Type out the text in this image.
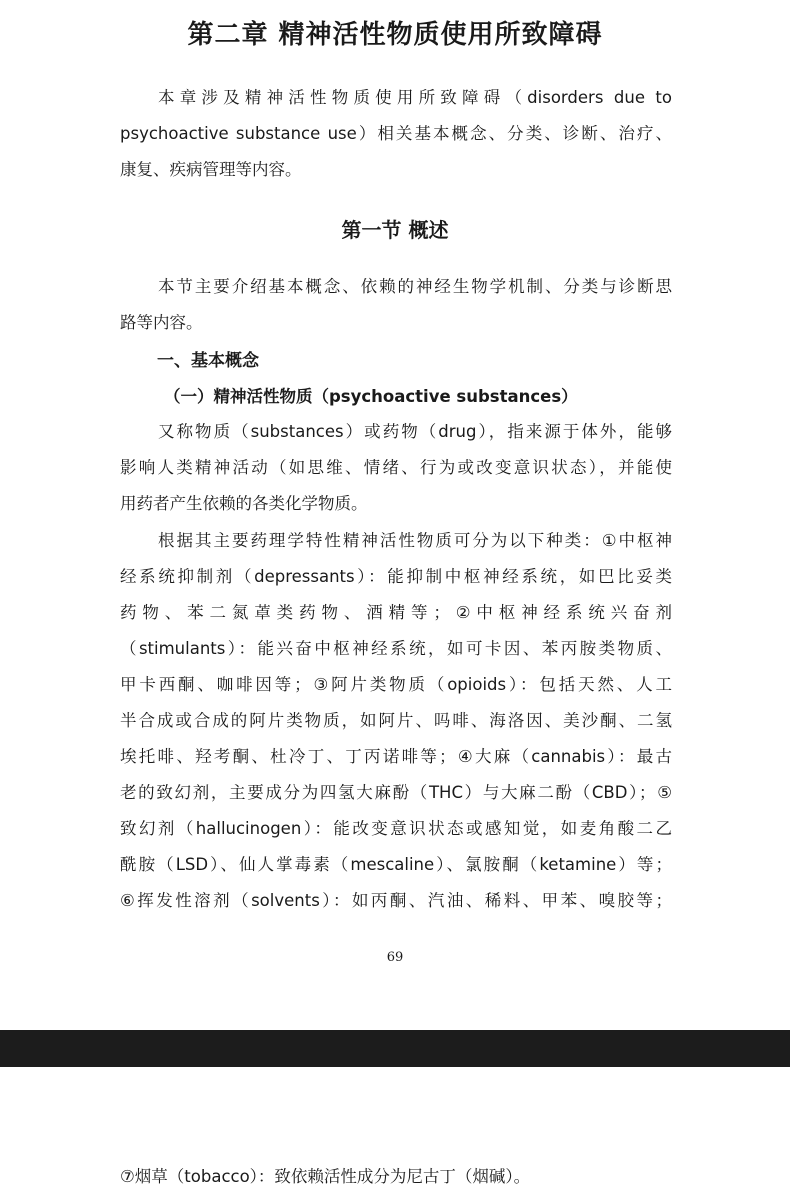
第二章 精神活性物质使用所致障碍
本章涉及精神活性物质使用所致障碍（disorders due to
psychoactive substance use）相关基本概念、分类、诊断、治疗、
康复、疾病管理等内容。
第一节 概述
本节主要介绍基本概念、依赖的神经生物学机制、分类与诊断思
路等内容。
一、基本概念
（一）精神活性物质（psychoactive substances）
又称物质（substances）或药物（drug），指来源于体外，能够
影响人类精神活动（如思维、情绪、行为或改变意识状态），并能使
用药者产生依赖的各类化学物质。
根据其主要药理学特性精神活性物质可分为以下种类：①中枢神
经系统抑制剂（depressants）：能抑制中枢神经系统，如巴比妥类
药物、苯二氮䓬类药物、酒精等；②中枢神经系统兴奋剂
（stimulants）：能兴奋中枢神经系统，如可卡因、苯丙胺类物质、
甲卡西酮、咖啡因等；③阿片类物质（opioids）：包括天然、人工
半合成或合成的阿片类物质，如阿片、吗啡、海洛因、美沙酮、二氢
埃托啡、羟考酮、杜冷丁、丁丙诺啡等；④大麻（cannabis）：最古
老的致幻剂，主要成分为四氢大麻酚（THC）与大麻二酚（CBD）；⑤
致幻剂（hallucinogen）：能改变意识状态或感知觉，如麦角酸二乙
酰胺（LSD）、仙人掌毒素（mescaline）、氯胺酮（ketamine）等；
⑥挥发性溶剂（solvents）：如丙酮、汽油、稀料、甲苯、嗅胶等；
69
⑦烟草（tobacco）：致依赖活性成分为尼古丁（烟碱）。
